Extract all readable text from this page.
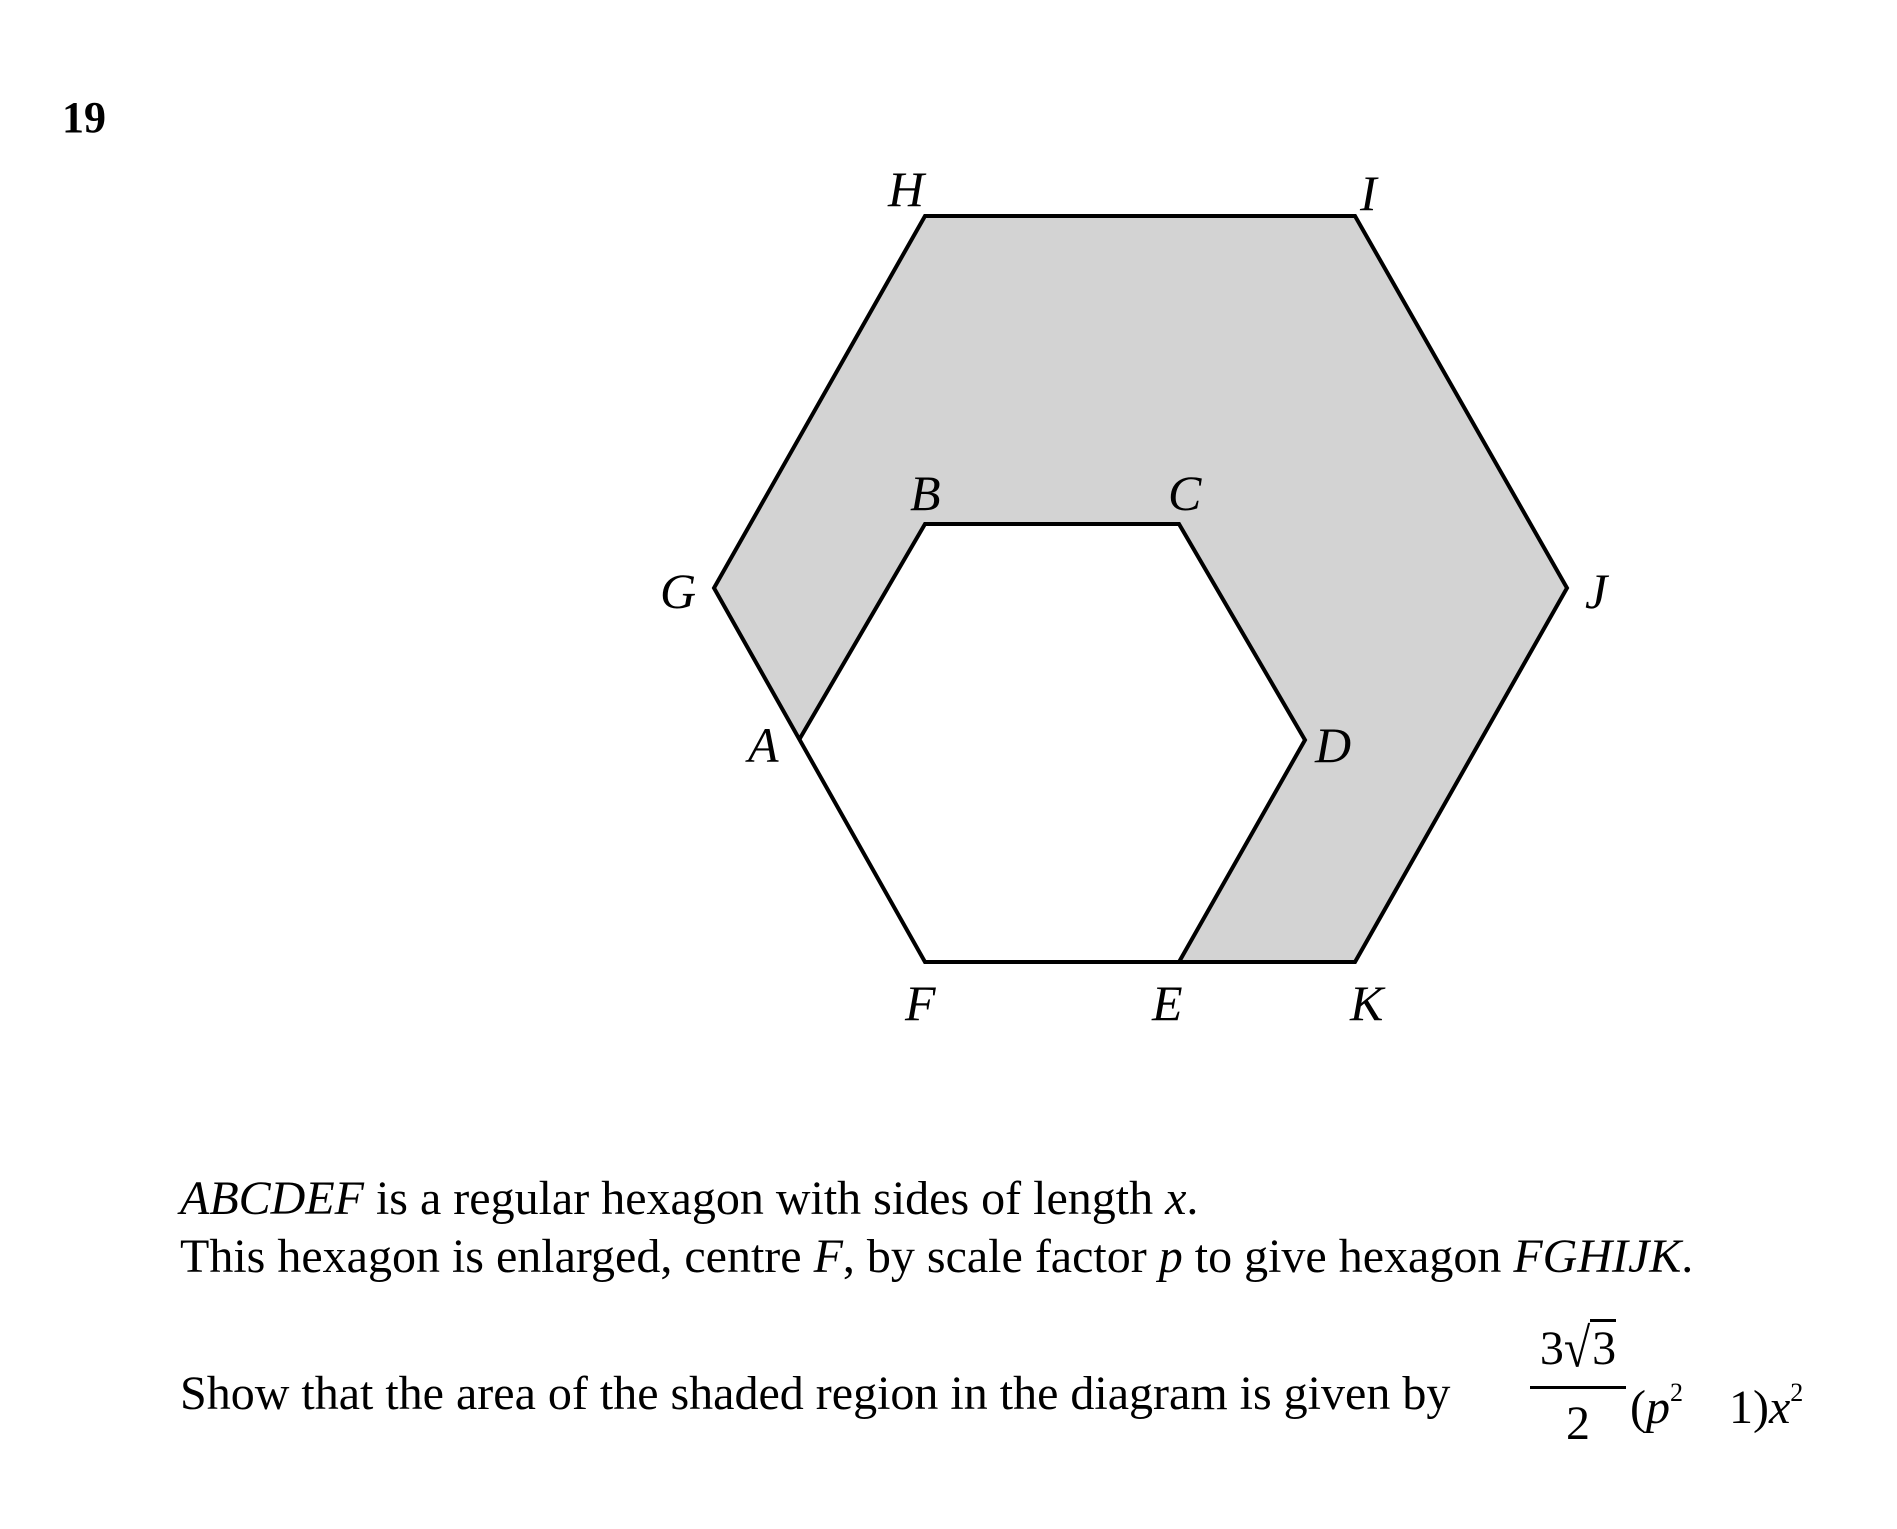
19
H	I
B	C
G	J
A	D
F	E	K
ABCDEF is a regular hexagon with sides of length x.
This hexagon is enlarged, centre F, by scale factor p to give hexagon FGHIJK.
Show that the area of the shaded region in the diagram is given by
3√3
2 ($p^2$ $1)x^2$
